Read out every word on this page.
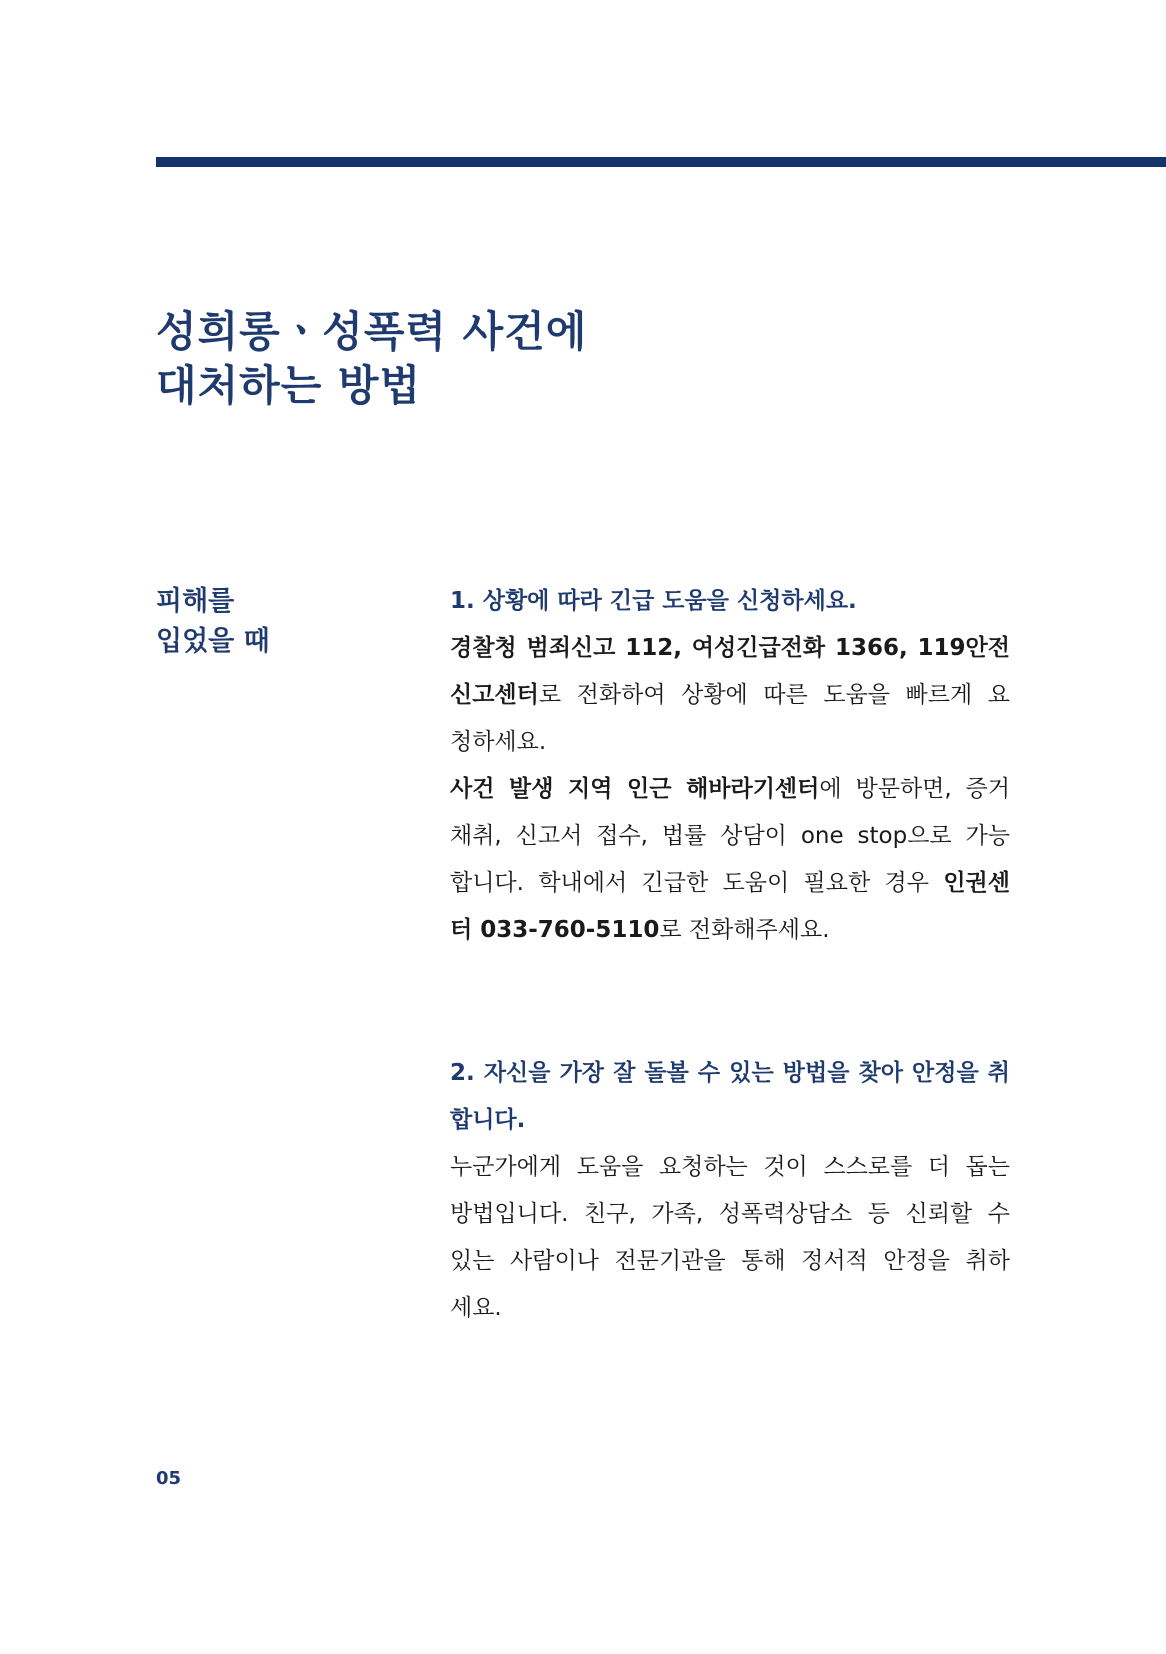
성희롱ㆍ성폭력 사건에
대처하는 방법
피해를
입었을 때
1. 상황에 따라 긴급 도움을 신청하세요.
경찰청 범죄신고 112, 여성긴급전화 1366, 119안전
신고센터로 전화하여 상황에 따른 도움을 빠르게 요
청하세요.
사건 발생 지역 인근 해바라기센터에 방문하면, 증거
채취, 신고서 접수, 법률 상담이 one stop으로 가능
합니다. 학내에서 긴급한 도움이 필요한 경우 인권센
터 033-760-5110로 전화해주세요.
2. 자신을 가장 잘 돌볼 수 있는 방법을 찾아 안정을 취
합니다.
누군가에게 도움을 요청하는 것이 스스로를 더 돕는
방법입니다. 친구, 가족, 성폭력상담소 등 신뢰할 수
있는 사람이나 전문기관을 통해 정서적 안정을 취하
세요.
05
